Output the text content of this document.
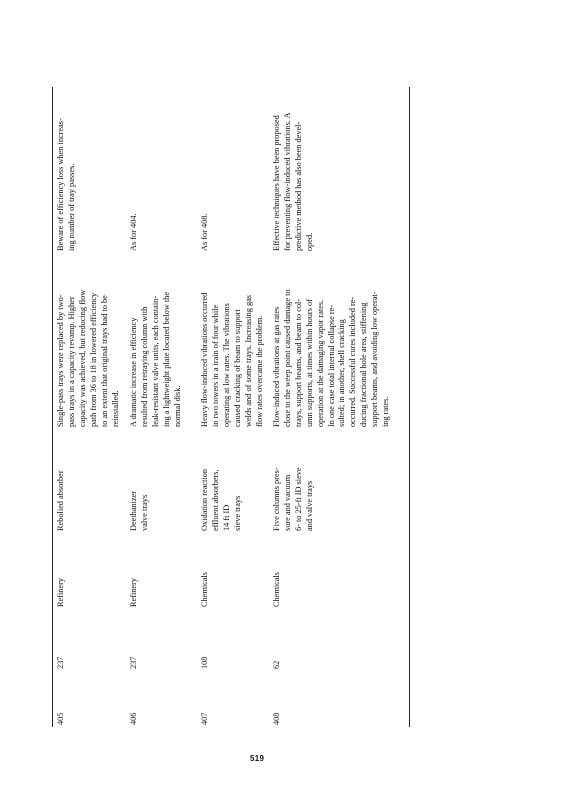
405
237
Refinery
Rebolied absorber
Single-pass trays were replaced by two-
pass trays in a capacity revamp. Higher
capacity was achieved, but reducing flow
path from 36 to 18 in lowered efficiency
to an extent that original trays had to be
reinstalled.
406
237
Refinery
Deethanizer
valve trays
A dramatic increase in efficiency
resulted from retraying column with
leak-resistant valve units, each contain-
ing a lightweight plate located below the
normal disk.
407
108
Chemicals
Oxidation reaction
effluent absorbers,
14 ft ID
sieve trays
Heavy flow-induced vibrations occurred
in two towers in a train of four while
operating at low rates. The vibrations
caused cracking of beam to support
welds and of some trays. Increasing gas
flow rates overcame the problem.
408
62
Chemicals
Five columns pres-
sure and vacuum
6- to 25-ft ID sieve
and valve trays
Flow-induced vibrations at gas rates
close to the weep point caused damage to
trays, support beams, and beam to col-
umn supports, at times within hours of
operation at the damaging vapor rates.
In one case total internal collapse re-
sulted; in another, shell cracking
occurred. Successful cures included re-
ducing fractional hole area, stiffening
support beams, and avoiding low operat-
ing rates.
Beware of efficiency loss when increas-
ing number of tray passes.
As for 404.	As for 408.	Effective techniques have been proposed
for preventing flow-induced vibrations. A
predictive method has also been devel-
oped.
519
